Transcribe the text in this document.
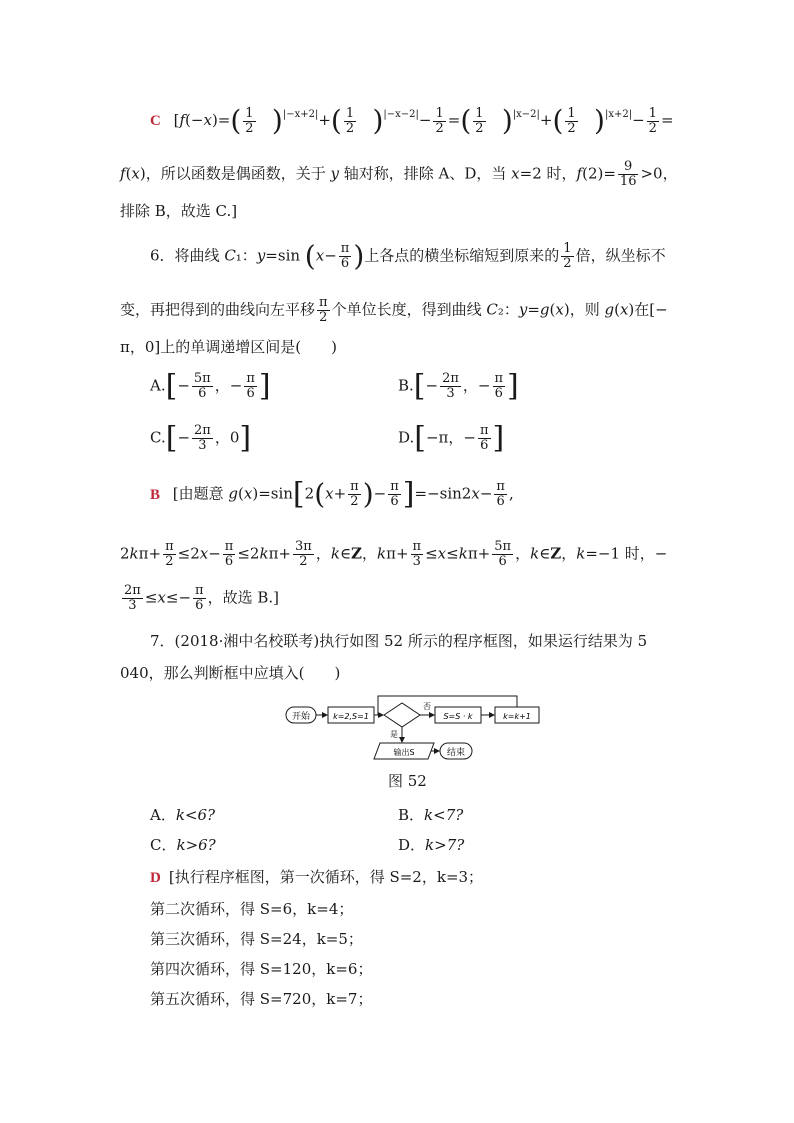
C [$f(-x)=( \frac{1}{2} )^{|-x+2|}+( \frac{1}{2} )^{|-x-2|}- \frac{1}{2}$ =( $\frac{1}{2} )^{|x-2|}+( \frac{1}{2} )^{|x+2|}- \frac{1}{2}$ =
f(x)，所以函数是偶函数，关于 y 轴对称，排除 A、D，当 x=2 时，$f(2)= \frac{9}{16} >0$，
排除 B，故选 C.]
6．将曲线 C₁：y=sin ($x- \frac{\pi}{6}$ )上各点的横坐标缩短到原来的 $\frac{1}{2}$ 倍，纵坐标不
变，再把得到的曲线向左平移 $\frac{\pi}{2}$ 个单位长度，得到曲线 C₂：y=g(x)，则 g(x)在[−
π，0]上的单调递增区间是(　　)
$A.[- \frac{5\pi}{6}$ ，− $\frac{\pi}{6}$ ]	$B.[- \frac{2\pi}{3}$ ，− $\frac{\pi}{6}$ ]
$C.[- \frac{2\pi}{3}$ ，0]	D.[−π，− $\frac{\pi}{6}$ ]
B [由题意 $g(x)=\sin[2(x+ \frac{\pi}{2}$ )− $\frac{\pi}{6} ]=-\sin 2x- \frac{\pi}{6}$ ,
$2k\pi+ \frac{\pi}{2} \le 2x- \frac{\pi}{6} \le 2k\pi+ \frac{3\pi}{2}$ ，k∈Z，$k\pi+ \frac{\pi}{3} \le x\le k\pi+ \frac{5\pi}{6}$ ，k∈Z，k=−1 时，−
$\frac{2\pi}{3} \le x\le- \frac{\pi}{6}$ ，故选 B.]
7．(2018·湘中名校联考)执行如图 52 所示的程序框图，如果运行结果为 5
040，那么判断框中应填入(　　)
开始	k=2,S=1
否
S=S · k	k=k+1
是
输出S	结束
图 52
A．k<6?	B．k<7?
C．k>6?	D．k>7?
D [执行程序框图，第一次循环，得 S=2，k=3；
第二次循环，得 S=6，k=4；
第三次循环，得 S=24，k=5；
第四次循环，得 S=120，k=6；
第五次循环，得 S=720，k=7；
